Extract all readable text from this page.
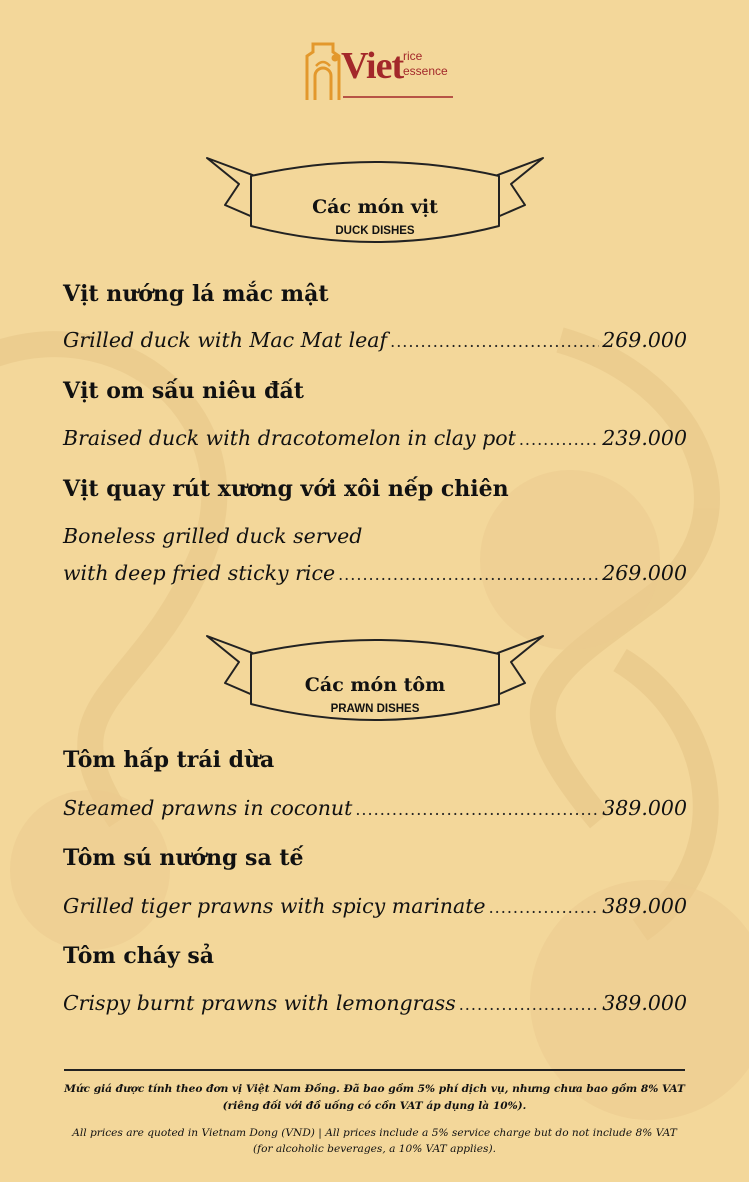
Viet rice
essence
Các món vịt
DUCK DISHES
Vịt nướng lá mắc mật
Grilled duck with Mac Mat leaf .....	269.000
Vịt om sấu niêu đất
Braised duck with dracotomelon in clay pot .....	239.000
Vịt quay rút xương với xôi nếp chiên
Boneless grilled duck served
with deep fried sticky rice .....	269.000
Các món tôm
PRAWN DISHES
Tôm hấp trái dừa
Steamed prawns in coconut .....	389.000
Tôm sú nướng sa tế
Grilled tiger prawns with spicy marinate .....	389.000
Tôm cháy sả
Crispy burnt prawns with lemongrass .....	389.000
Mức giá được tính theo đơn vị Việt Nam Đồng. Đã bao gồm 5% phí dịch vụ, nhưng chưa bao gồm 8% VAT
(riêng đối với đồ uống có cồn VAT áp dụng là 10%).
All prices are quoted in Vietnam Dong (VND) | All prices include a 5% service charge but do not include 8% VAT
(for alcoholic beverages, a 10% VAT applies).
